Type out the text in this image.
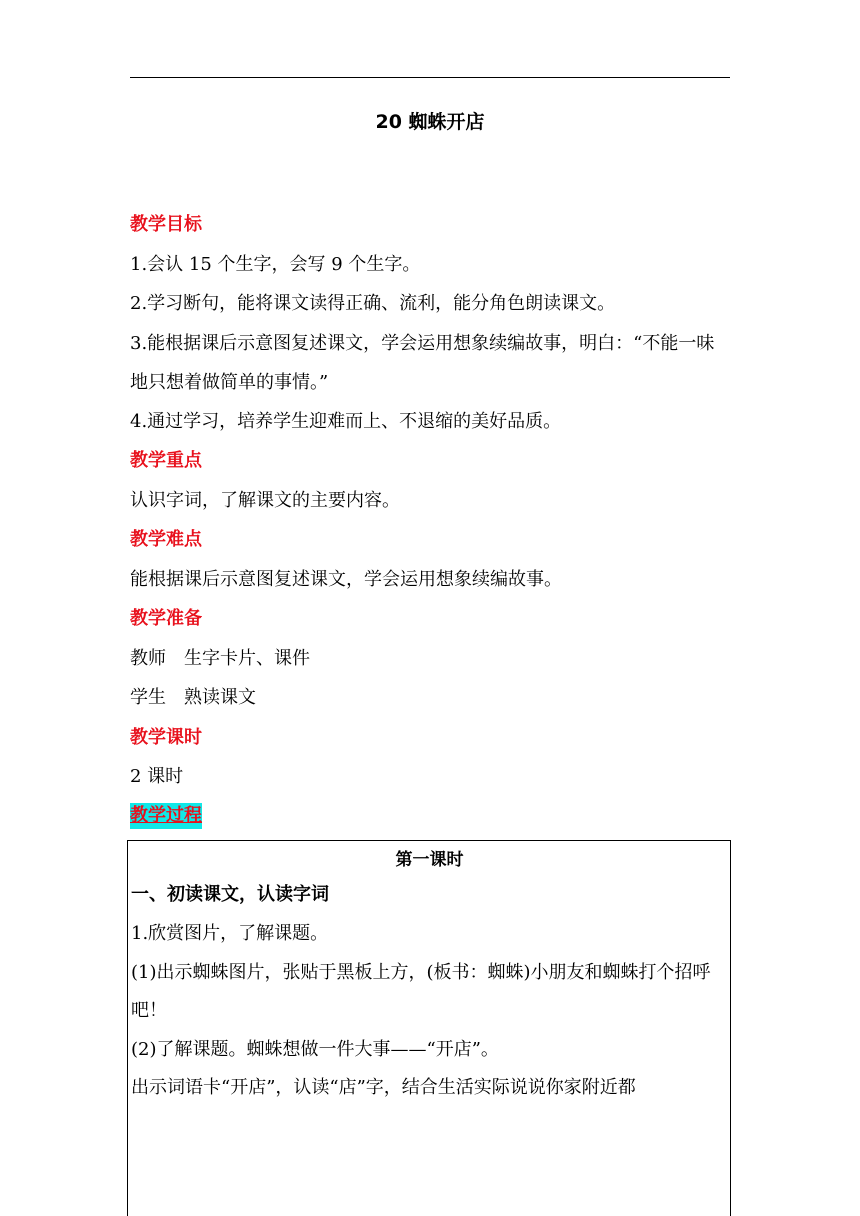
20 蜘蛛开店

教学目标

1.会认 15 个生字，会写 9 个生字。

2.学习断句，能将课文读得正确、流利，能分角色朗读课文。

3.能根据课后示意图复述课文，学会运用想象续编故事，明白：“不能一味地只想着做简单的事情。”

4.通过学习，培养学生迎难而上、不退缩的美好品质。

教学重点

认识字词，了解课文的主要内容。

教学难点

能根据课后示意图复述课文，学会运用想象续编故事。

教学准备

教师　生字卡片、课件

学生　熟读课文

教学课时

2 课时

教学过程

第一课时

一、初读课文，认读字词

1.欣赏图片，了解课题。

(1)出示蜘蛛图片，张贴于黑板上方，(板书：蜘蛛)小朋友和蜘蛛打个招呼吧！

(2)了解课题。蜘蛛想做一件大事——“开店”。

出示词语卡“开店”，认读“店”字，结合生活实际说说你家附近都
